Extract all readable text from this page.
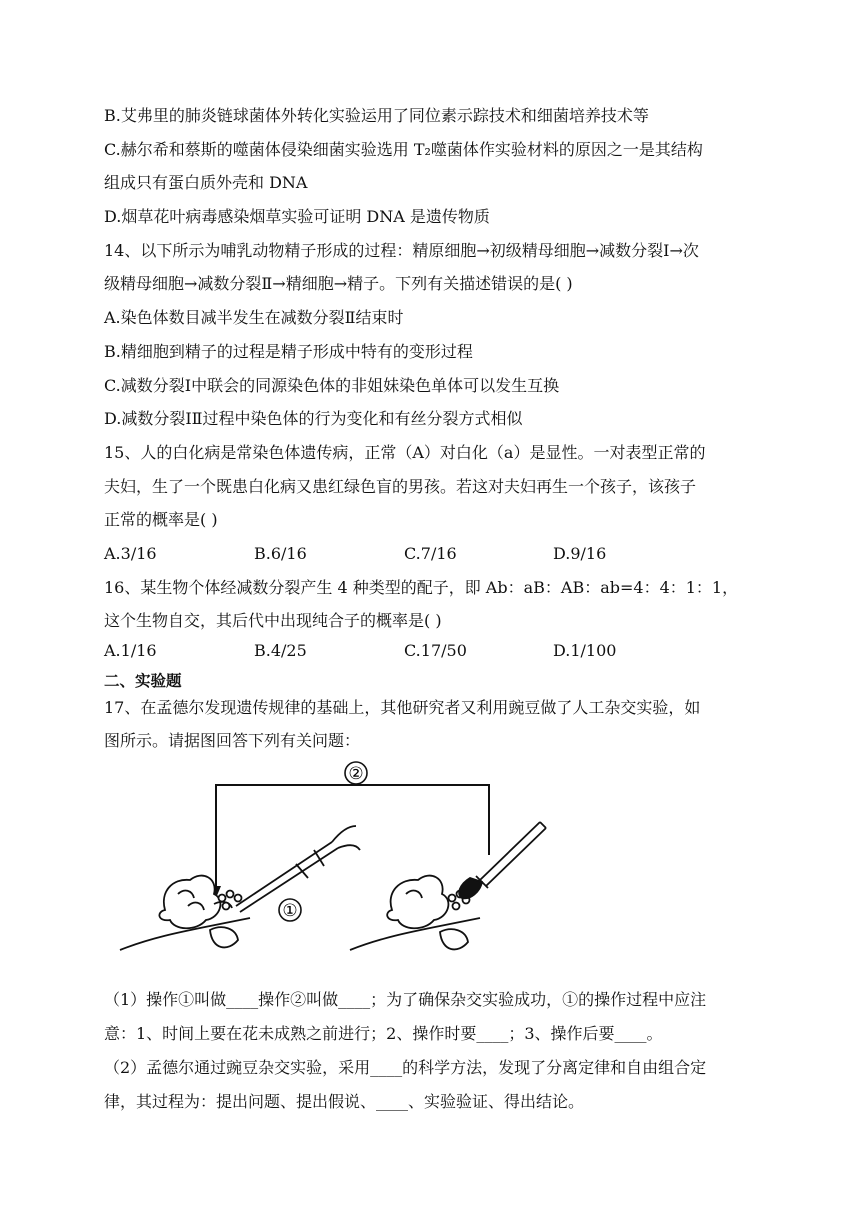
B.艾弗里的肺炎链球菌体外转化实验运用了同位素示踪技术和细菌培养技术等
C.赫尔希和蔡斯的噬菌体侵染细菌实验选用 T₂噬菌体作实验材料的原因之一是其结构
组成只有蛋白质外壳和 DNA
D.烟草花叶病毒感染烟草实验可证明 DNA 是遗传物质
14、以下所示为哺乳动物精子形成的过程：精原细胞→初级精母细胞→减数分裂Ⅰ→次
级精母细胞→减数分裂Ⅱ→精细胞→精子。下列有关描述错误的是( )
A.染色体数目减半发生在减数分裂Ⅱ结束时
B.精细胞到精子的过程是精子形成中特有的变形过程
C.减数分裂Ⅰ中联会的同源染色体的非姐妹染色单体可以发生互换
D.减数分裂ⅠⅡ过程中染色体的行为变化和有丝分裂方式相似
15、人的白化病是常染色体遗传病，正常（A）对白化（a）是显性。一对表型正常的
夫妇，生了一个既患白化病又患红绿色盲的男孩。若这对夫妇再生一个孩子，该孩子
正常的概率是( )
A.3/16	B.6/16	C.7/16	D.9/16
16、某生物个体经减数分裂产生 4 种类型的配子，即 Ab：aB：AB：ab=4：4：1：1，
这个生物自交，其后代中出现纯合子的概率是( )
A.1/16	B.4/25	C.17/50	D.1/100
二、实验题
17、在孟德尔发现遗传规律的基础上，其他研究者又利用豌豆做了人工杂交实验，如
图所示。请据图回答下列有关问题：
②
①
（1）操作①叫做____操作②叫做____；为了确保杂交实验成功，①的操作过程中应注
意：1、时间上要在花未成熟之前进行；2、操作时要____；3、操作后要____。
（2）孟德尔通过豌豆杂交实验，采用____的科学方法，发现了分离定律和自由组合定
律，其过程为：提出问题、提出假说、____、实验验证、得出结论。
